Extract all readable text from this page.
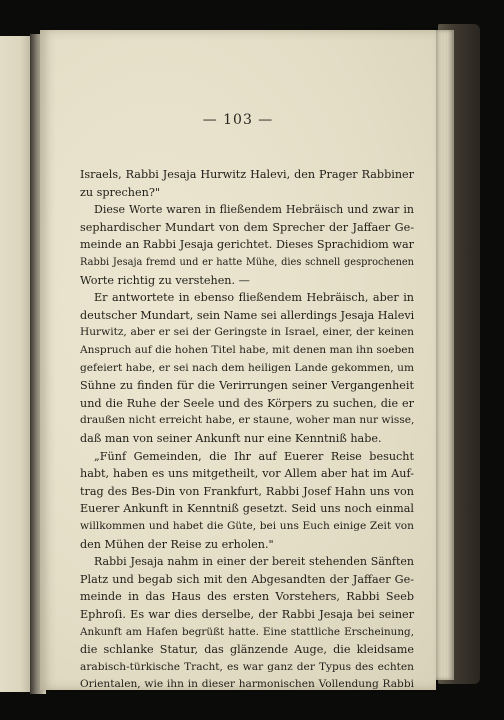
— 103 —
Israels, Rabbi Jesaja Hurwitz Halevi, den Prager Rabbiner
zu sprechen?"
Diese Worte waren in fließendem Hebräisch und zwar in
sephardischer Mundart von dem Sprecher der Jaffaer Ge-
meinde an Rabbi Jesaja gerichtet. Dieses Sprachidiom war
Rabbi Jesaja fremd und er hatte Mühe, dies schnell gesprochenen
Worte richtig zu verstehen. —
Er antwortete in ebenso fließendem Hebräisch, aber in
deutscher Mundart, sein Name sei allerdings Jesaja Halevi
Hurwitz, aber er sei der Geringste in Israel, einer, der keinen
Anspruch auf die hohen Titel habe, mit denen man ihn soeben
gefeiert habe, er sei nach dem heiligen Lande gekommen, um
Sühne zu finden für die Verirrungen seiner Vergangenheit
und die Ruhe der Seele und des Körpers zu suchen, die er
draußen nicht erreicht habe, er staune, woher man nur wisse,
daß man von seiner Ankunft nur eine Kenntniß habe.
„Fünf Gemeinden, die Ihr auf Euerer Reise besucht
habt, haben es uns mitgetheilt, vor Allem aber hat im Auf-
trag des Bes-Din von Frankfurt, Rabbi Josef Hahn uns von
Euerer Ankunft in Kenntniß gesetzt. Seid uns noch einmal
willkommen und habet die Güte, bei uns Euch einige Zeit von
den Mühen der Reise zu erholen."
Rabbi Jesaja nahm in einer der bereit stehenden Sänften
Platz und begab sich mit den Abgesandten der Jaffaer Ge-
meinde in das Haus des ersten Vorstehers, Rabbi Seeb
Ephroſi. Es war dies derselbe, der Rabbi Jesaja bei seiner
Ankunft am Hafen begrüßt hatte. Eine stattliche Erscheinung,
die schlanke Statur, das glänzende Auge, die kleidsame
arabisch-türkische Tracht, es war ganz der Typus des echten
Orientalen, wie ihn in dieser harmonischen Vollendung Rabbi
